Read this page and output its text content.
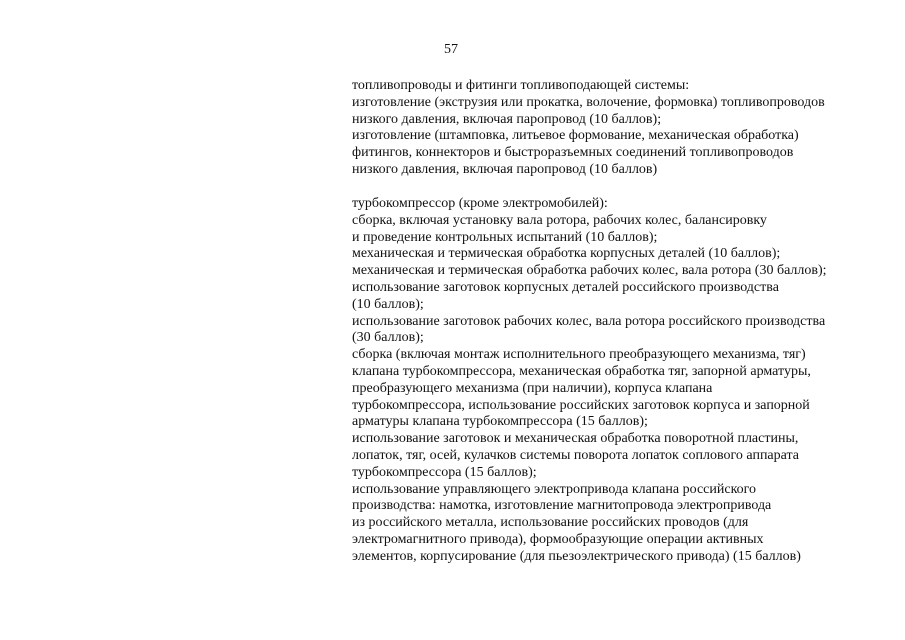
57
топливопроводы и фитинги топливоподающей системы:
изготовление (экструзия или прокатка, волочение, формовка) топливопроводов
низкого давления, включая паропровод (10 баллов);
изготовление (штамповка, литьевое формование, механическая обработка)
фитингов, коннекторов и быстроразъемных соединений топливопроводов
низкого давления, включая паропровод (10 баллов)
турбокомпрессор (кроме электромобилей):
сборка, включая установку вала ротора, рабочих колес, балансировку
и проведение контрольных испытаний (10 баллов);
механическая и термическая обработка корпусных деталей (10 баллов);
механическая и термическая обработка рабочих колес, вала ротора (30 баллов);
использование заготовок корпусных деталей российского производства
(10 баллов);
использование заготовок рабочих колес, вала ротора российского производства
(30 баллов);
сборка (включая монтаж исполнительного преобразующего механизма, тяг)
клапана турбокомпрессора, механическая обработка тяг, запорной арматуры,
преобразующего механизма (при наличии), корпуса клапана
турбокомпрессора, использование российских заготовок корпуса и запорной
арматуры клапана турбокомпрессора (15 баллов);
использование заготовок и механическая обработка поворотной пластины,
лопаток, тяг, осей, кулачков системы поворота лопаток соплового аппарата
турбокомпрессора (15 баллов);
использование управляющего электропривода клапана российского
производства: намотка, изготовление магнитопровода электропривода
из российского металла, использование российских проводов (для
электромагнитного привода), формообразующие операции активных
элементов, корпусирование (для пьезоэлектрического привода) (15 баллов)
